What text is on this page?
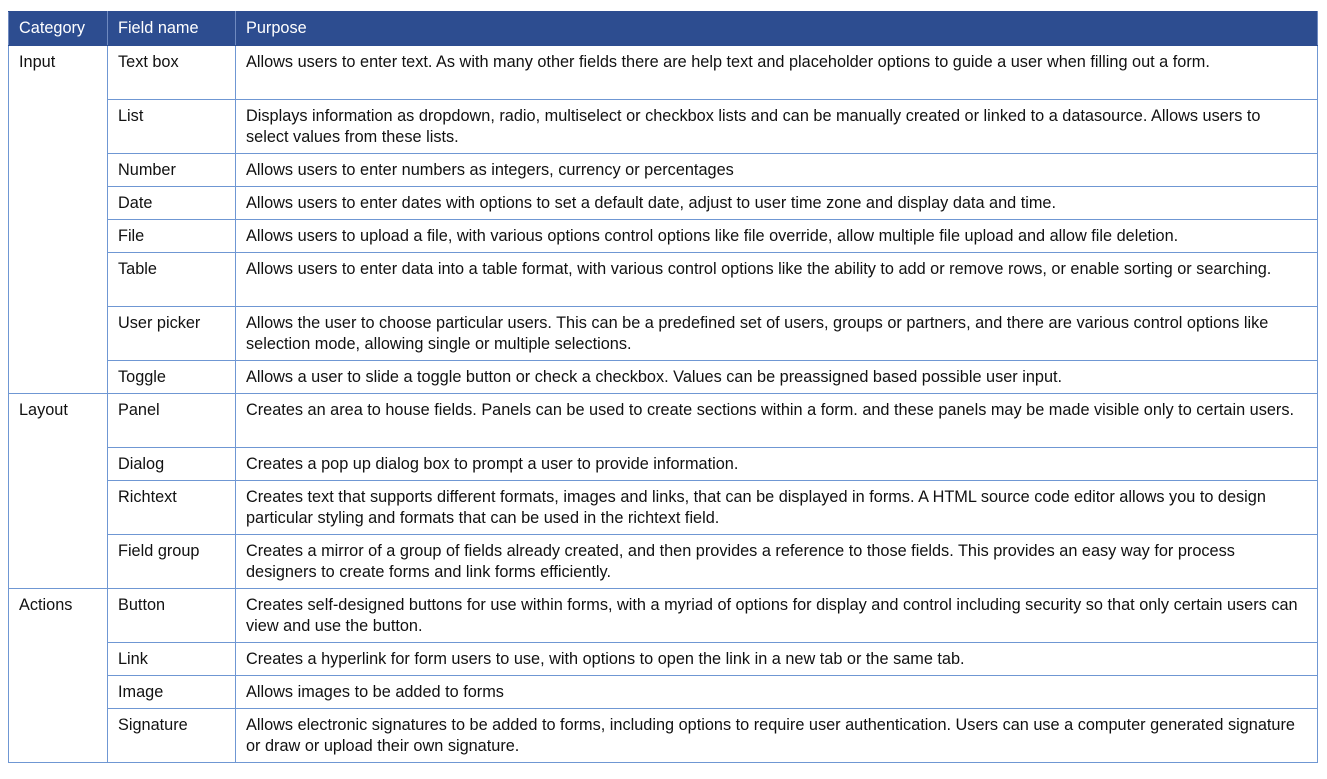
Category	Field name	Purpose
Input	Text box	Allows users to enter text. As with many other fields there are help text and placeholder options to guide a user when filling out a form.
	List	Displays information as dropdown, radio, multiselect or checkbox lists and can be manually created or linked to a datasource. Allows users to select values from these lists.
	Number	Allows users to enter numbers as integers, currency or percentages
	Date	Allows users to enter dates with options to set a default date, adjust to user time zone and display data and time.
	File	Allows users to upload a file, with various options control options like file override, allow multiple file upload and allow file deletion.
	Table	Allows users to enter data into a table format, with various control options like the ability to add or remove rows, or enable sorting or searching.
	User picker	Allows the user to choose particular users. This can be a predefined set of users, groups or partners, and there are various control options like selection mode, allowing single or multiple selections.
	Toggle	Allows a user to slide a toggle button or check a checkbox. Values can be preassigned based possible user input.
Layout	Panel	Creates an area to house fields. Panels can be used to create sections within a form. and these panels may be made visible only to certain users.
	Dialog	Creates a pop up dialog box to prompt a user to provide information.
	Richtext	Creates text that supports different formats, images and links, that can be displayed in forms. A HTML source code editor allows you to design particular styling and formats that can be used in the richtext field.
	Field group	Creates a mirror of a group of fields already created, and then provides a reference to those fields. This provides an easy way for process designers to create forms and link forms efficiently.
Actions	Button	Creates self-designed buttons for use within forms, with a myriad of options for display and control including security so that only certain users can view and use the button.
	Link	Creates a hyperlink for form users to use, with options to open the link in a new tab or the same tab.
	Image	Allows images to be added to forms
	Signature	Allows electronic signatures to be added to forms, including options to require user authentication. Users can use a computer generated signature or draw or upload their own signature.
